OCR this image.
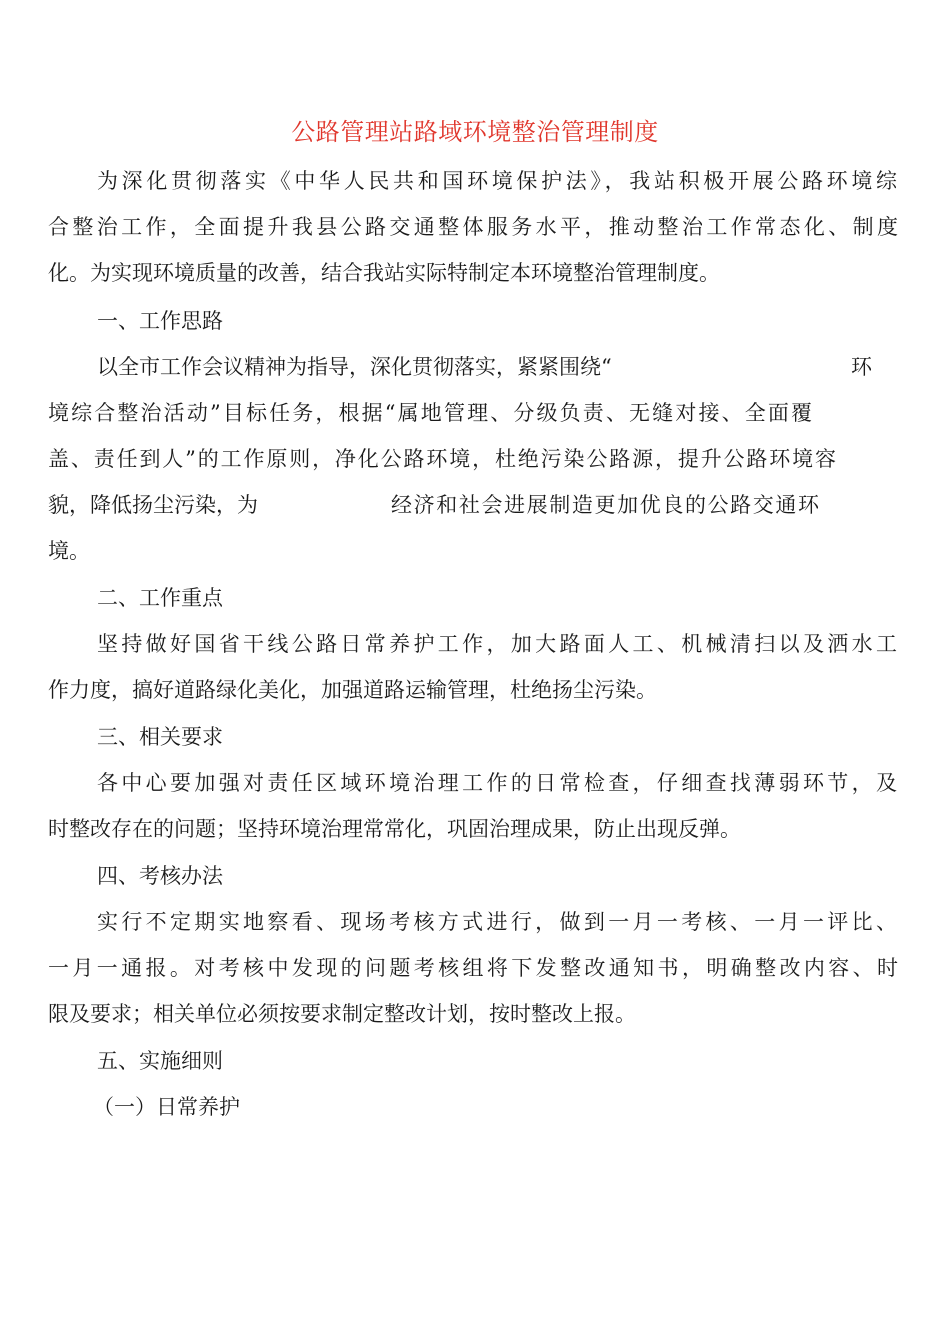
公路管理站路域环境整治管理制度
为深化贯彻落实《中华人民共和国环境保护法》，我站积极开展公路环境综
合整治工作，全面提升我县公路交通整体服务水平，推动整治工作常态化、制度
化。为实现环境质量的改善，结合我站实际特制定本环境整治管理制度。
一、工作思路
以全市工作会议精神为指导，深化贯彻落实，紧紧围绕“	环
境综合整治活动”目标任务，根据“属地管理、分级负责、无缝对接、全面覆
盖、责任到人”的工作原则，净化公路环境，杜绝污染公路源，提升公路环境容
貌，降低扬尘污染，为	经济和社会进展制造更加优良的公路交通环
境。
二、工作重点
坚持做好国省干线公路日常养护工作，加大路面人工、机械清扫以及洒水工
作力度，搞好道路绿化美化，加强道路运输管理，杜绝扬尘污染。
三、相关要求
各中心要加强对责任区域环境治理工作的日常检查，仔细查找薄弱环节，及
时整改存在的问题；坚持环境治理常常化，巩固治理成果，防止出现反弹。
四、考核办法
实行不定期实地察看、现场考核方式进行，做到一月一考核、一月一评比、
一月一通报。对考核中发现的问题考核组将下发整改通知书，明确整改内容、时
限及要求；相关单位必须按要求制定整改计划，按时整改上报。
五、实施细则
（一）日常养护
